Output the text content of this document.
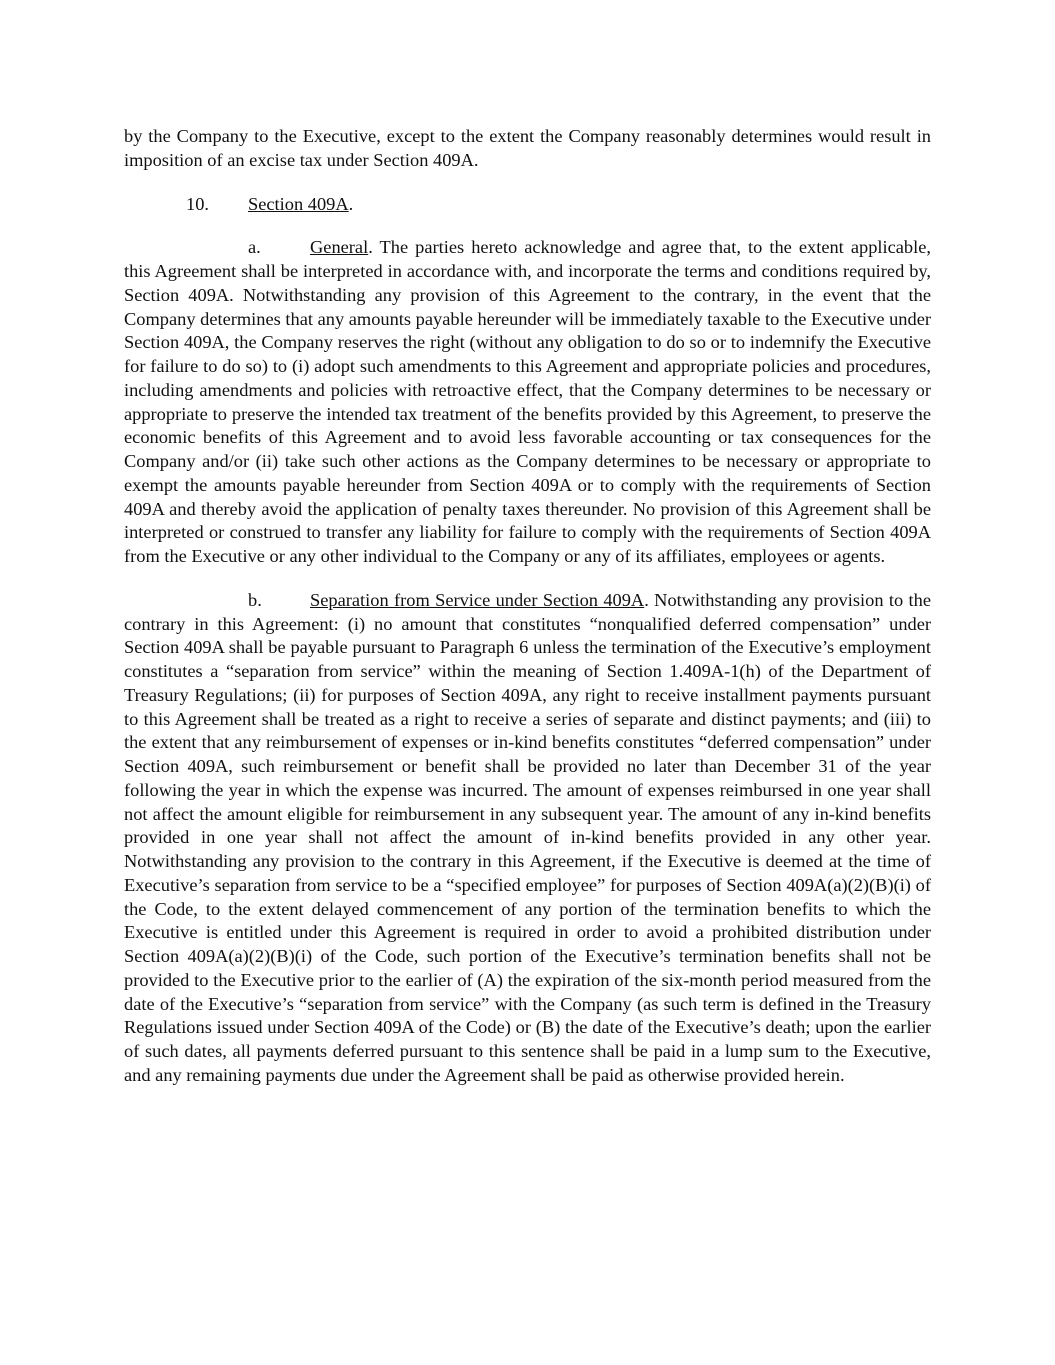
by the Company to the Executive, except to the extent the Company reasonably determines would result in imposition of an excise tax under Section 409A.

10. Section 409A.

a.	General. The parties hereto acknowledge and agree that, to the extent applicable, this Agreement shall be interpreted in accordance with, and incorporate the terms and conditions required by, Section 409A. Notwithstanding any provision of this Agreement to the contrary, in the event that the Company determines that any amounts payable hereunder will be immediately taxable to the Executive under Section 409A, the Company reserves the right (without any obligation to do so or to indemnify the Executive for failure to do so) to (i) adopt such amendments to this Agreement and appropriate policies and procedures, including amendments and policies with retroactive effect, that the Company determines to be necessary or appropriate to preserve the intended tax treatment of the benefits provided by this Agreement, to preserve the economic benefits of this Agreement and to avoid less favorable accounting or tax consequences for the Company and/or (ii) take such other actions as the Company determines to be necessary or appropriate to exempt the amounts payable hereunder from Section 409A or to comply with the requirements of Section 409A and thereby avoid the application of penalty taxes thereunder. No provision of this Agreement shall be interpreted or construed to transfer any liability for failure to comply with the requirements of Section 409A from the Executive or any other individual to the Company or any of its affiliates, employees or agents.

b.	Separation from Service under Section 409A. Notwithstanding any provision to the contrary in this Agreement: (i) no amount that constitutes “nonqualified deferred compensation” under Section 409A shall be payable pursuant to Paragraph 6 unless the termination of the Executive’s employment constitutes a “separation from service” within the meaning of Section 1.409A-1(h) of the Department of Treasury Regulations; (ii) for purposes of Section 409A, any right to receive installment payments pursuant to this Agreement shall be treated as a right to receive a series of separate and distinct payments; and (iii) to the extent that any reimbursement of expenses or in-kind benefits constitutes “deferred compensation” under Section 409A, such reimbursement or benefit shall be provided no later than December 31 of the year following the year in which the expense was incurred. The amount of expenses reimbursed in one year shall not affect the amount eligible for reimbursement in any subsequent year. The amount of any in-kind benefits provided in one year shall not affect the amount of in-kind benefits provided in any other year. Notwithstanding any provision to the contrary in this Agreement, if the Executive is deemed at the time of Executive’s separation from service to be a “specified employee” for purposes of Section 409A(a)(2)(B)(i) of the Code, to the extent delayed commencement of any portion of the termination benefits to which the Executive is entitled under this Agreement is required in order to avoid a prohibited distribution under Section 409A(a)(2)(B)(i) of the Code, such portion of the Executive’s termination benefits shall not be provided to the Executive prior to the earlier of (A) the expiration of the six-month period measured from the date of the Executive’s “separation from service” with the Company (as such term is defined in the Treasury Regulations issued under Section 409A of the Code) or (B) the date of the Executive’s death; upon the earlier of such dates, all payments deferred pursuant to this sentence shall be paid in a lump sum to the Executive, and any remaining payments due under the Agreement shall be paid as otherwise provided herein.
